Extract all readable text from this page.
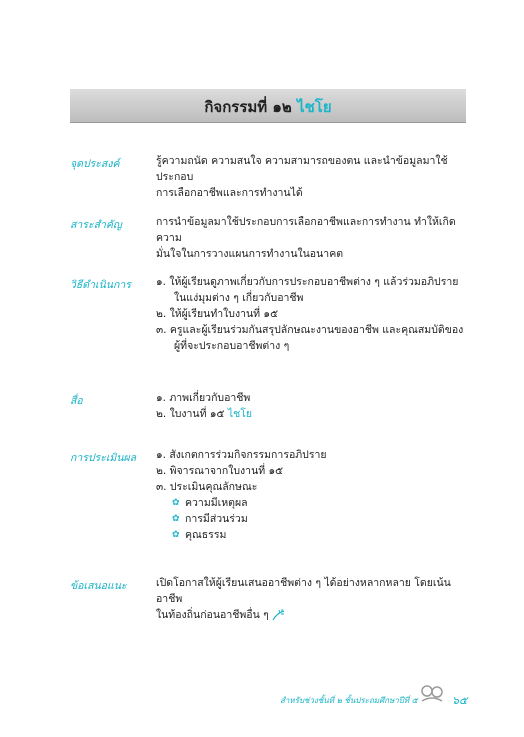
กิจกรรมที่ ๑๒ ไชโย
จุดประสงค์	รู้ความถนัด ความสนใจ ความสามารถของตน และนำข้อมูลมาใช้ประกอบ

การเลือกอาชีพและการทำงานได้

สาระสำคัญ	การนำข้อมูลมาใช้ประกอบการเลือกอาชีพและการทำงาน ทำให้เกิดความ

มั่นใจในการวางแผนการทำงานในอนาคต

วิธีดำเนินการ ๑. ให้ผู้เรียนดูภาพเกี่ยวกับการประกอบอาชีพต่าง ๆ แล้วร่วมอภิปราย

ในแง่มุมต่าง ๆ เกี่ยวกับอาชีพ

๒. ให้ผู้เรียนทำใบงานที่ ๑๕

๓. ครูและผู้เรียนร่วมกันสรุปลักษณะงานของอาชีพ และคุณสมบัติของ

ผู้ที่จะประกอบอาชีพต่าง ๆ

สื่อ	๑. ภาพเกี่ยวกับอาชีพ

๒. ใบงานที่ ๑๕ ไชโย

การประเมินผล ๑. สังเกตการร่วมกิจกรรมการอภิปราย

๒. พิจารณาจากใบงานที่ ๑๕

๓. ประเมินคุณลักษณะ

✿ ความมีเหตุผล

✿ การมีส่วนร่วม

✿ คุณธรรม

ข้อเสนอแนะ	เปิดโอกาสให้ผู้เรียนเสนออาชีพต่าง ๆ ได้อย่างหลากหลาย โดยเน้นอาชีพ

ในท้องถิ่นก่อนอาชีพอื่น ๆ

สำหรับช่วงชั้นที่ ๒ ชั้นประถมศึกษาปีที่ ๕	๖๕
